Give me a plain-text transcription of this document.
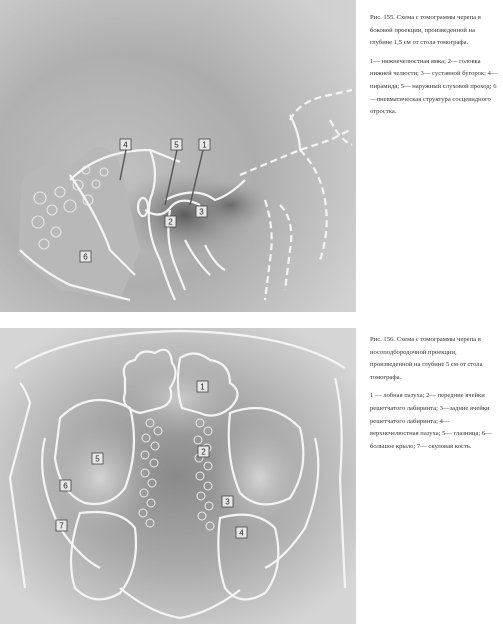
4	5	1
2
3
6

Рис. 155. Схема с томограммы черепа в боковой проекции, произведенной на глубине 1,5 см от стола томографа.

1— нижнечелюстная ямка; 2— головка нижней челюсти; 3— суставной бугорок; 4— пирамида; 5— наружный слуховой проход; 6—пневматическая структура сосцевидного отростка.

1
2
3
4
5
6
7

Рис. 156. Схема с томограммы черепа в носоподбородочной проекции, произведенной на глубине 5 см от стола томографа.

1 — лобная пазуха; 2— передние ячейки решетчатого лабиринта; 3—задние ячейки решетчатого лабиринта; 4— верхнечелюстная пазуха; 5— глазница; 6— большое крыло; 7— скуловая кость.
